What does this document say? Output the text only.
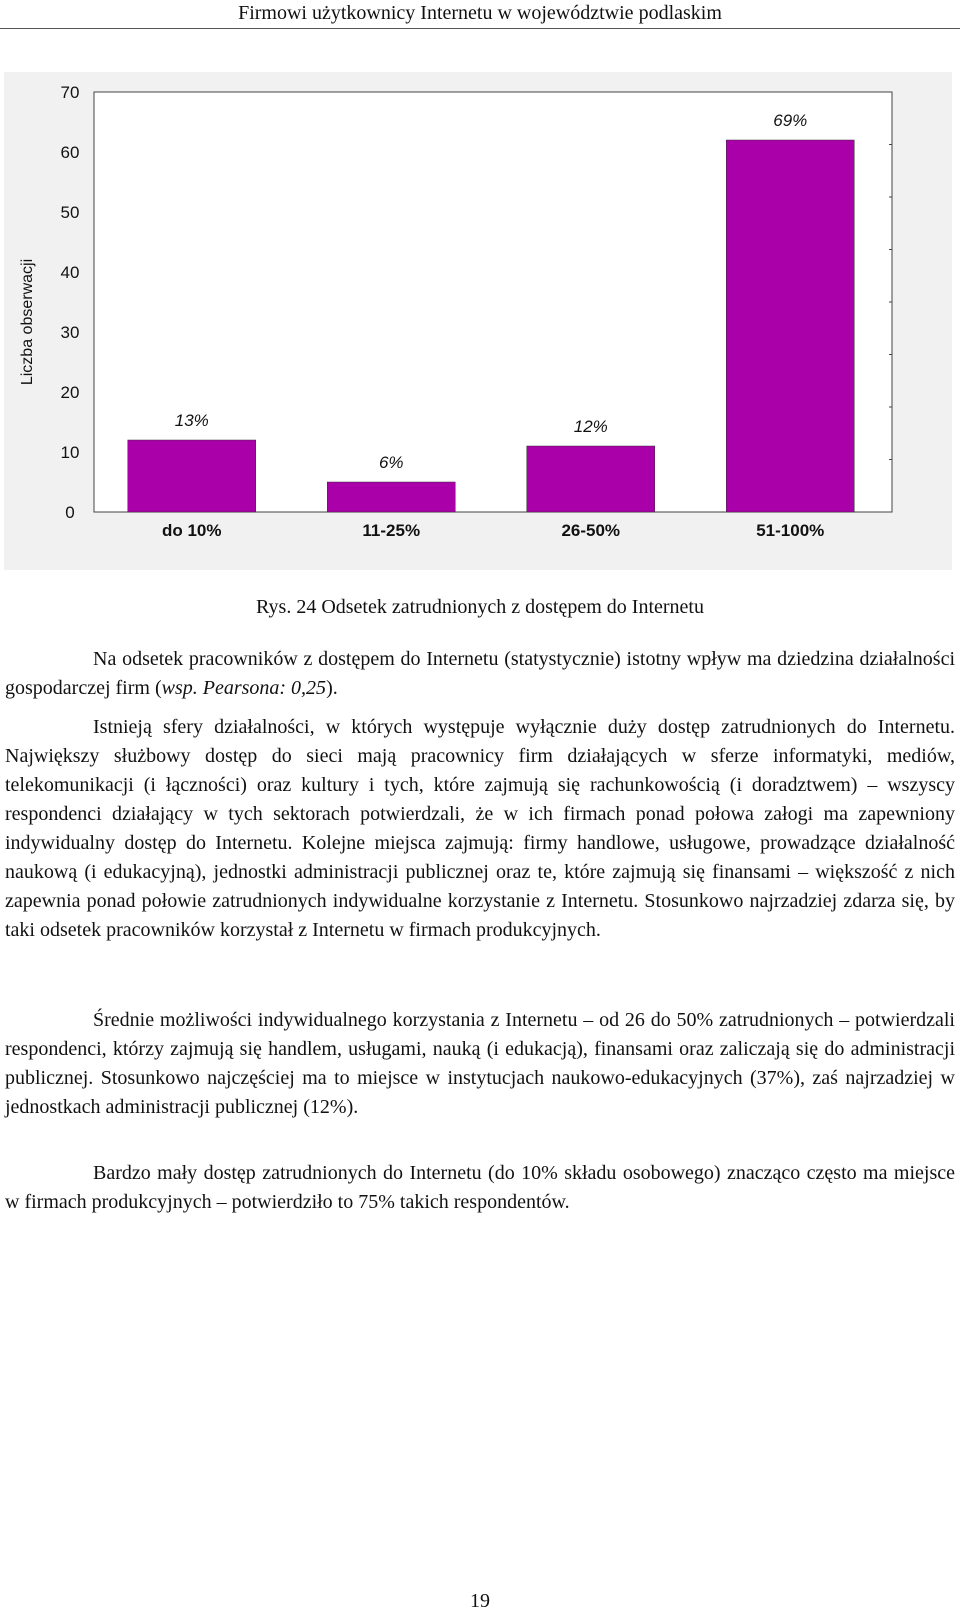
Firmowi użytkownicy Internetu w województwie podlaskim
0
10
20
30
40
50
60
70
Liczba obserwacji
13%
do 10%
6%
11-25%
12%
26-50%
69%
51-100%
Rys. 24 Odsetek zatrudnionych z dostępem do Internetu

Na odsetek pracowników z dostępem do Internetu (statystycznie) istotny wpływ ma dziedzina działalności gospodarczej firm (wsp. Pearsona: 0,25).

Istnieją sfery działalności, w których występuje wyłącznie duży dostęp zatrudnionych do Internetu. Największy służbowy dostęp do sieci mają pracownicy firm działających w sferze informatyki, mediów, telekomunikacji (i łączności) oraz kultury i tych, które zajmują się rachunkowością (i doradztwem) – wszyscy respondenci działający w tych sektorach potwierdzali, że w ich firmach ponad połowa załogi ma zapewniony indywidualny dostęp do Internetu. Kolejne miejsca zajmują: firmy handlowe, usługowe, prowadzące działalność naukową (i edukacyjną), jednostki administracji publicznej oraz te, które zajmują się finansami – większość z nich zapewnia ponad połowie zatrudnionych indywidualne korzystanie z Internetu. Stosunkowo najrzadziej zdarza się, by taki odsetek pracowników korzystał z Internetu w firmach produkcyjnych.

Średnie możliwości indywidualnego korzystania z Internetu – od 26 do 50% zatrudnionych – potwierdzali respondenci, którzy zajmują się handlem, usługami, nauką (i edukacją), finansami oraz zaliczają się do administracji publicznej. Stosunkowo najczęściej ma to miejsce w instytucjach naukowo-edukacyjnych (37%), zaś najrzadziej w jednostkach administracji publicznej (12%).

Bardzo mały dostęp zatrudnionych do Internetu (do 10% składu osobowego) znacząco często ma miejsce w firmach produkcyjnych – potwierdziło to 75% takich respondentów.

19
